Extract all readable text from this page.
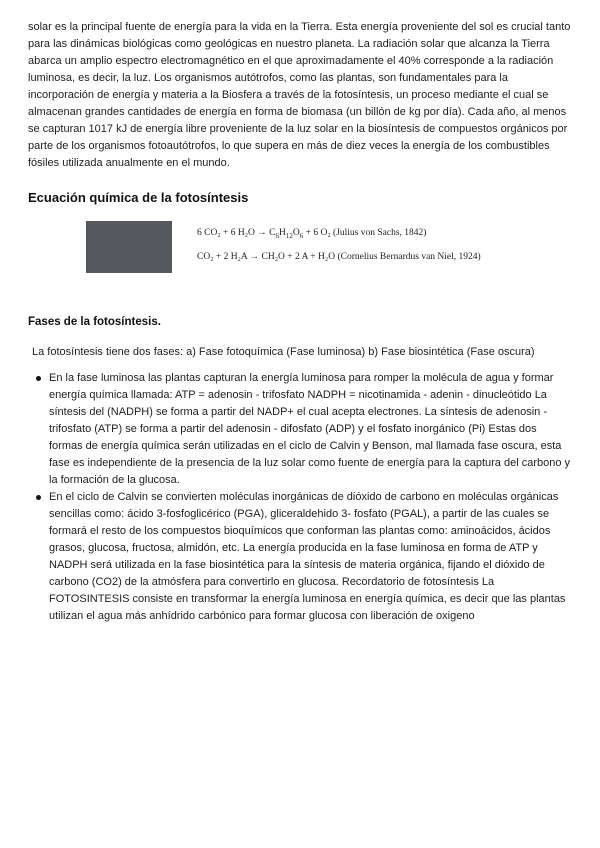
solar es la principal fuente de energía para la vida en la Tierra. Esta energía proveniente del sol es crucial tanto para las dinámicas biológicas como geológicas en nuestro planeta. La radiación solar que alcanza la Tierra abarca un amplio espectro electromagnético en el que aproximadamente el 40% corresponde a la radiación luminosa, es decir, la luz. Los organismos autótrofos, como las plantas, son fundamentales para la incorporación de energía y materia a la Biosfera a través de la fotosíntesis, un proceso mediante el cual se almacenan grandes cantidades de energía en forma de biomasa (un billón de kg por día). Cada año, al menos se capturan 1017 kJ de energía libre proveniente de la luz solar en la biosíntesis de compuestos orgánicos por parte de los organismos fotoautótrofos, lo que supera en más de diez veces la energía de los combustibles fósiles utilizada anualmente en el mundo.

Ecuación química de la fotosíntesis
6 CO₂ + 6 $H_2O \to C_6H_{12}O_6 + 6$ O₂ (Julius von Sachs, 1842)
CO₂ + 2 H₂A → CH₂O + 2 A + H₂O (Cornelius Bernardus van Niel, 1924)
Fases de la fotosíntesis.

La fotosíntesis tiene dos fases: a) Fase fotoquímica (Fase luminosa) b) Fase biosintética (Fase oscura)

En la fase luminosa las plantas capturan la energía luminosa para romper la molécula de agua y formar energía química llamada: ATP = adenosin - trifosfato NADPH = nicotinamida - adenin - dinucleótido La síntesis del (NADPH) se forma a partir del NADP+ el cual acepta electrones. La síntesis de adenosin - trifosfato (ATP) se forma a partir del adenosin - difosfato (ADP) y el fosfato inorgánico (Pi) Estas dos formas de energía química serán utilizadas en el ciclo de Calvin y Benson, mal llamada fase oscura, esta fase es independiente de la presencia de la luz solar como fuente de energía para la captura del carbono y la formación de la glucosa.
En el ciclo de Calvin se convierten moléculas inorgánicas de dióxido de carbono en moléculas orgánicas sencillas como: ácido 3-fosfoglicérico (PGA), gliceraldehido 3- fosfato (PGAL), a partir de las cuales se formará el resto de los compuestos bioquímicos que conforman las plantas como: aminoácidos, ácidos grasos, glucosa, fructosa, almidón, etc. La energía producida en la fase luminosa en forma de ATP y NADPH será utilizada en la fase biosintética para la síntesis de materia orgánica, fijando el dióxido de carbono (CO2) de la atmósfera para convertirlo en glucosa. Recordatorio de fotosíntesis La FOTOSINTESIS consiste en transformar la energía luminosa en energía química, es decir que las plantas utilizan el agua más anhídrido carbónico para formar glucosa con liberación de oxigeno
